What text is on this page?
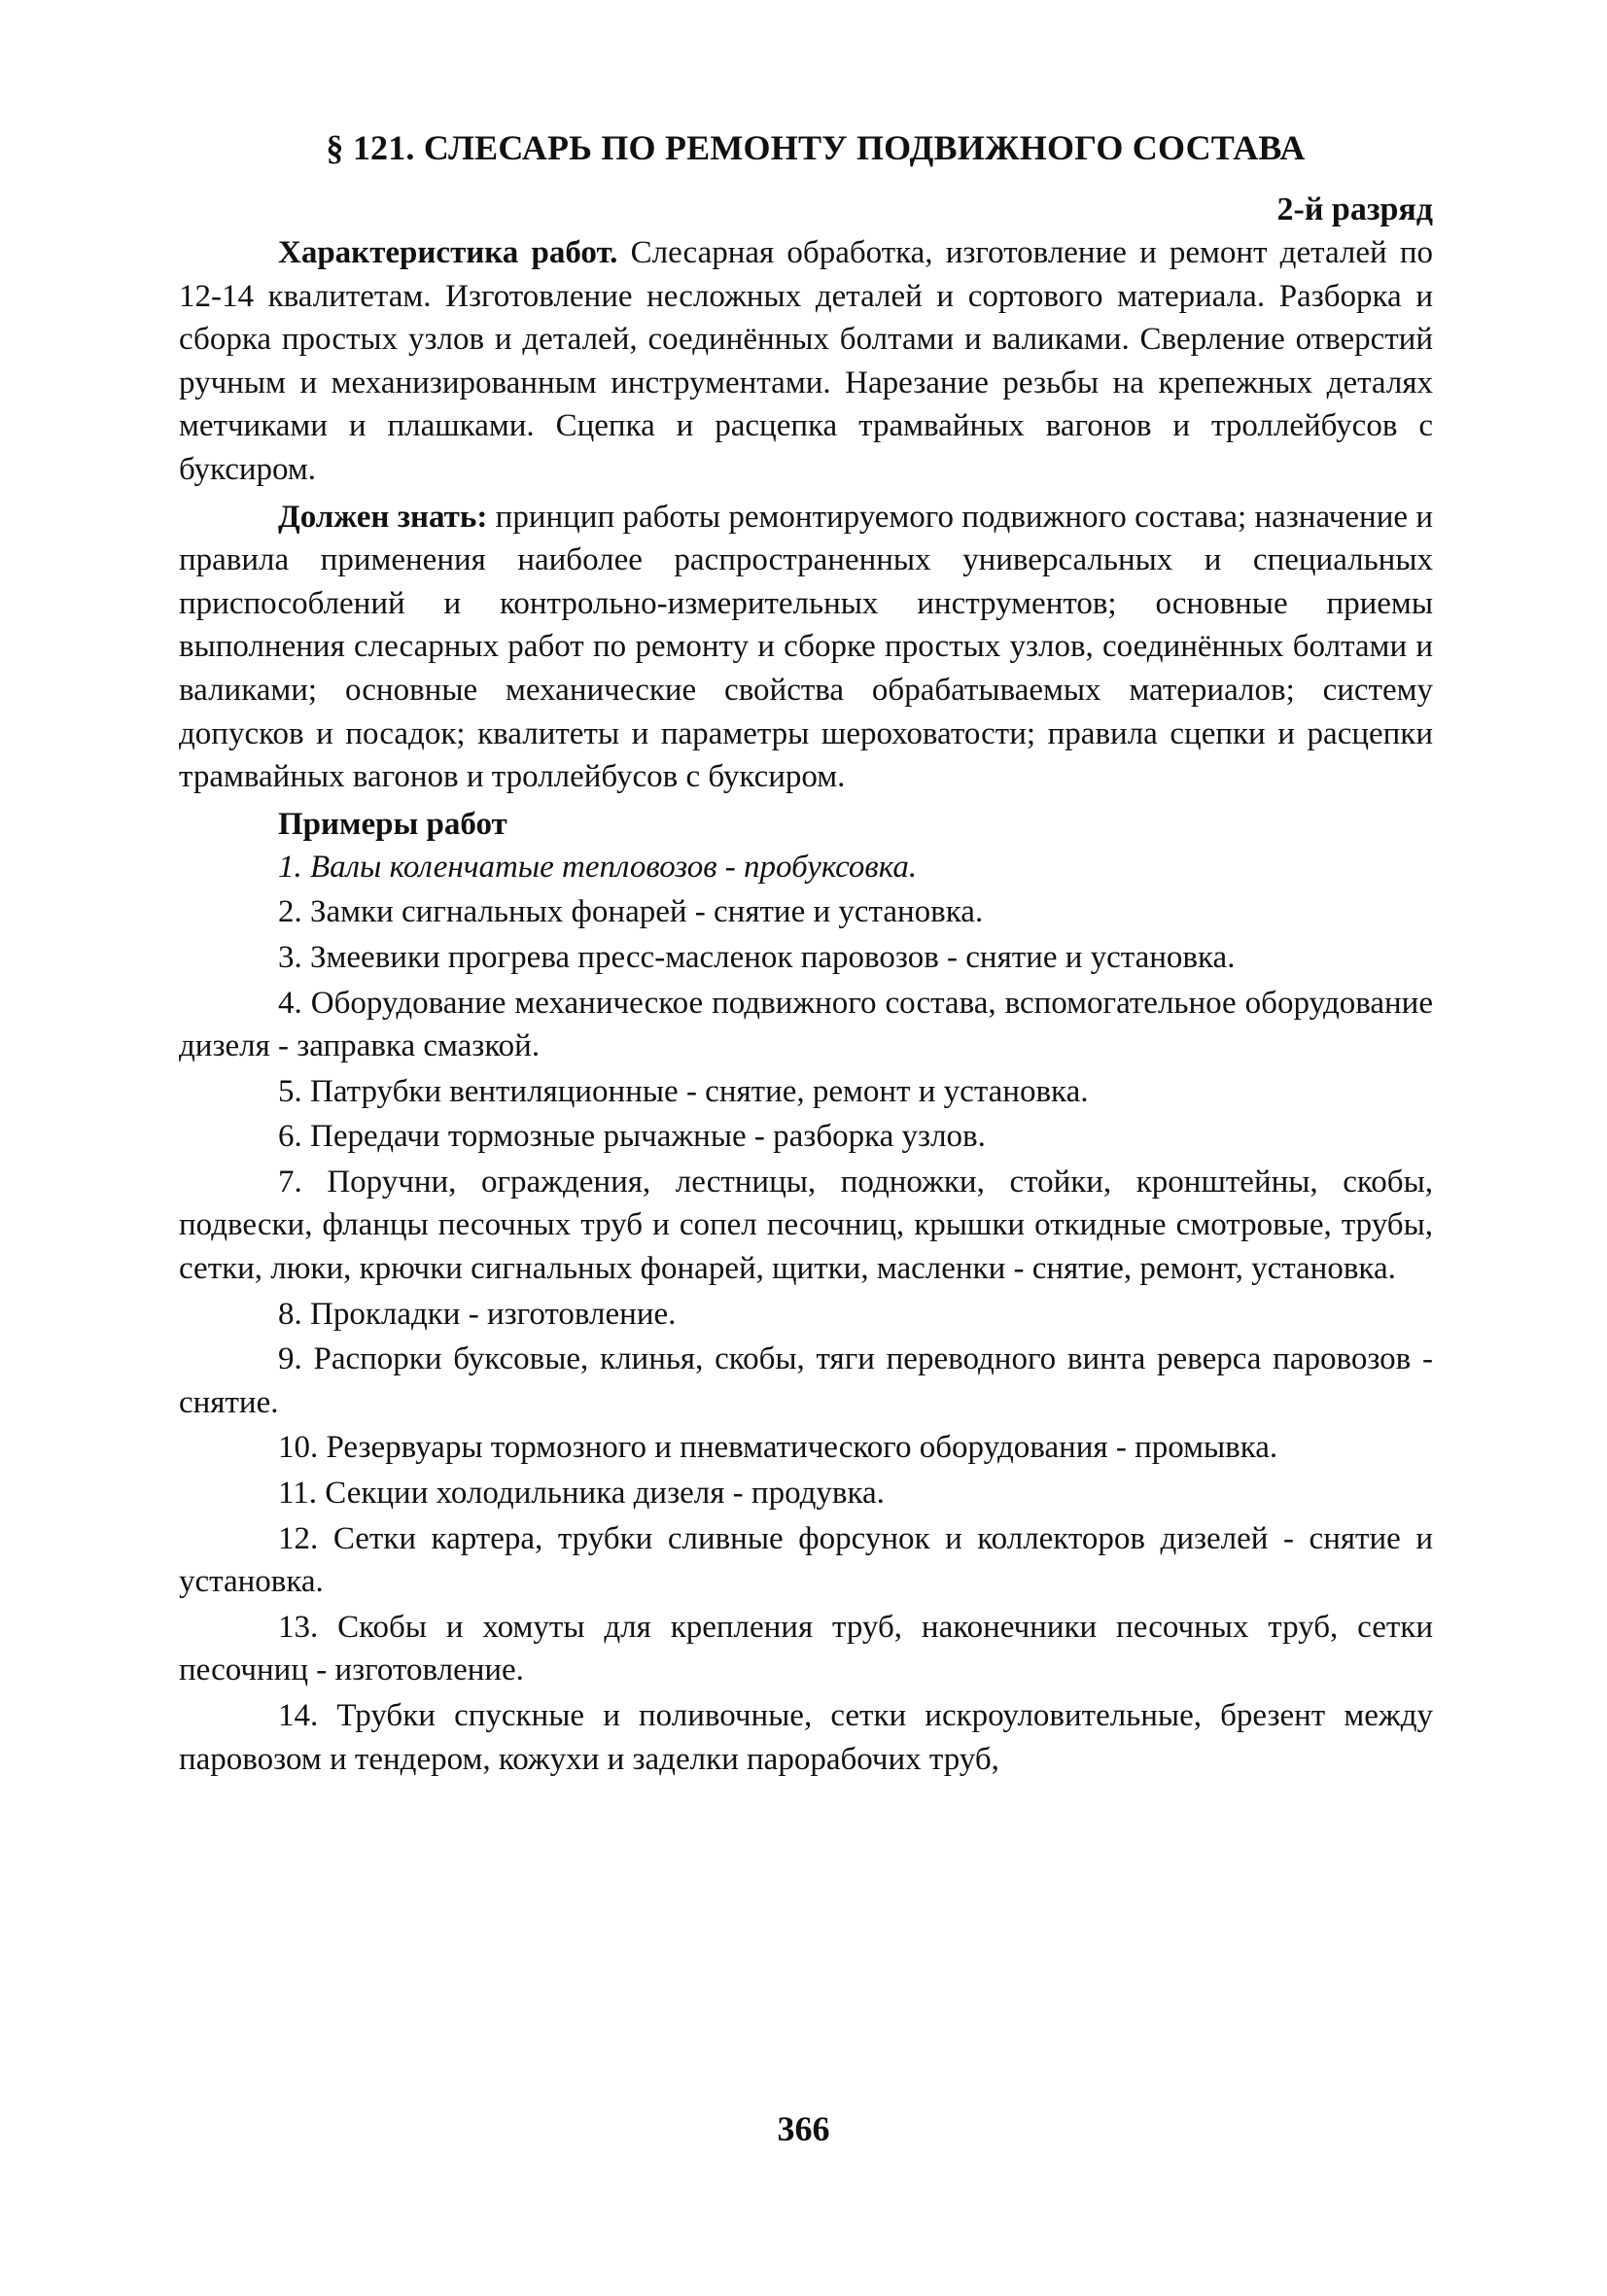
§ 121. СЛЕСАРЬ ПО РЕМОНТУ ПОДВИЖНОГО СОСТАВА

2-й разряд

Характеристика работ. Слесарная обработка, изготовление и ремонт деталей по 12-14 квалитетам. Изготовление несложных деталей и сортового материала. Разборка и сборка простых узлов и деталей, соединённых болтами и валиками. Сверление отверстий ручным и механизированным инструментами. Нарезание резьбы на крепежных деталях метчиками и плашками. Сцепка и расцепка трамвайных вагонов и троллейбусов с буксиром.

Должен знать: принцип работы ремонтируемого подвижного состава; назначение и правила применения наиболее распространенных универсальных и специальных приспособлений и контрольно-измерительных инструментов; основные приемы выполнения слесарных работ по ремонту и сборке простых узлов, соединённых болтами и валиками; основные механические свойства обрабатываемых материалов; систему допусков и посадок; квалитеты и параметры шероховатости; правила сцепки и расцепки трамвайных вагонов и троллейбусов с буксиром.

Примеры работ

1. Валы коленчатые тепловозов - пробуксовка.
2. Замки сигнальных фонарей - снятие и установка.
3. Змеевики прогрева пресс-масленок паровозов - снятие и установка.
4. Оборудование механическое подвижного состава, вспомогательное оборудование дизеля - заправка смазкой.
5. Патрубки вентиляционные - снятие, ремонт и установка.
6. Передачи тормозные рычажные - разборка узлов.
7. Поручни, ограждения, лестницы, подножки, стойки, кронштейны, скобы, подвески, фланцы песочных труб и сопел песочниц, крышки откидные смотровые, трубы, сетки, люки, крючки сигнальных фонарей, щитки, масленки - снятие, ремонт, установка.
8. Прокладки - изготовление.
9. Распорки буксовые, клинья, скобы, тяги переводного винта реверса паровозов - снятие.
10. Резервуары тормозного и пневматического оборудования - промывка.
11. Секции холодильника дизеля - продувка.
12. Сетки картера, трубки сливные форсунок и коллекторов дизелей - снятие и установка.
13. Скобы и хомуты для крепления труб, наконечники песочных труб, сетки песочниц - изготовление.
14. Трубки спускные и поливочные, сетки искроуловительные, брезент между паровозом и тендером, кожухи и заделки парорабочих труб,
366
